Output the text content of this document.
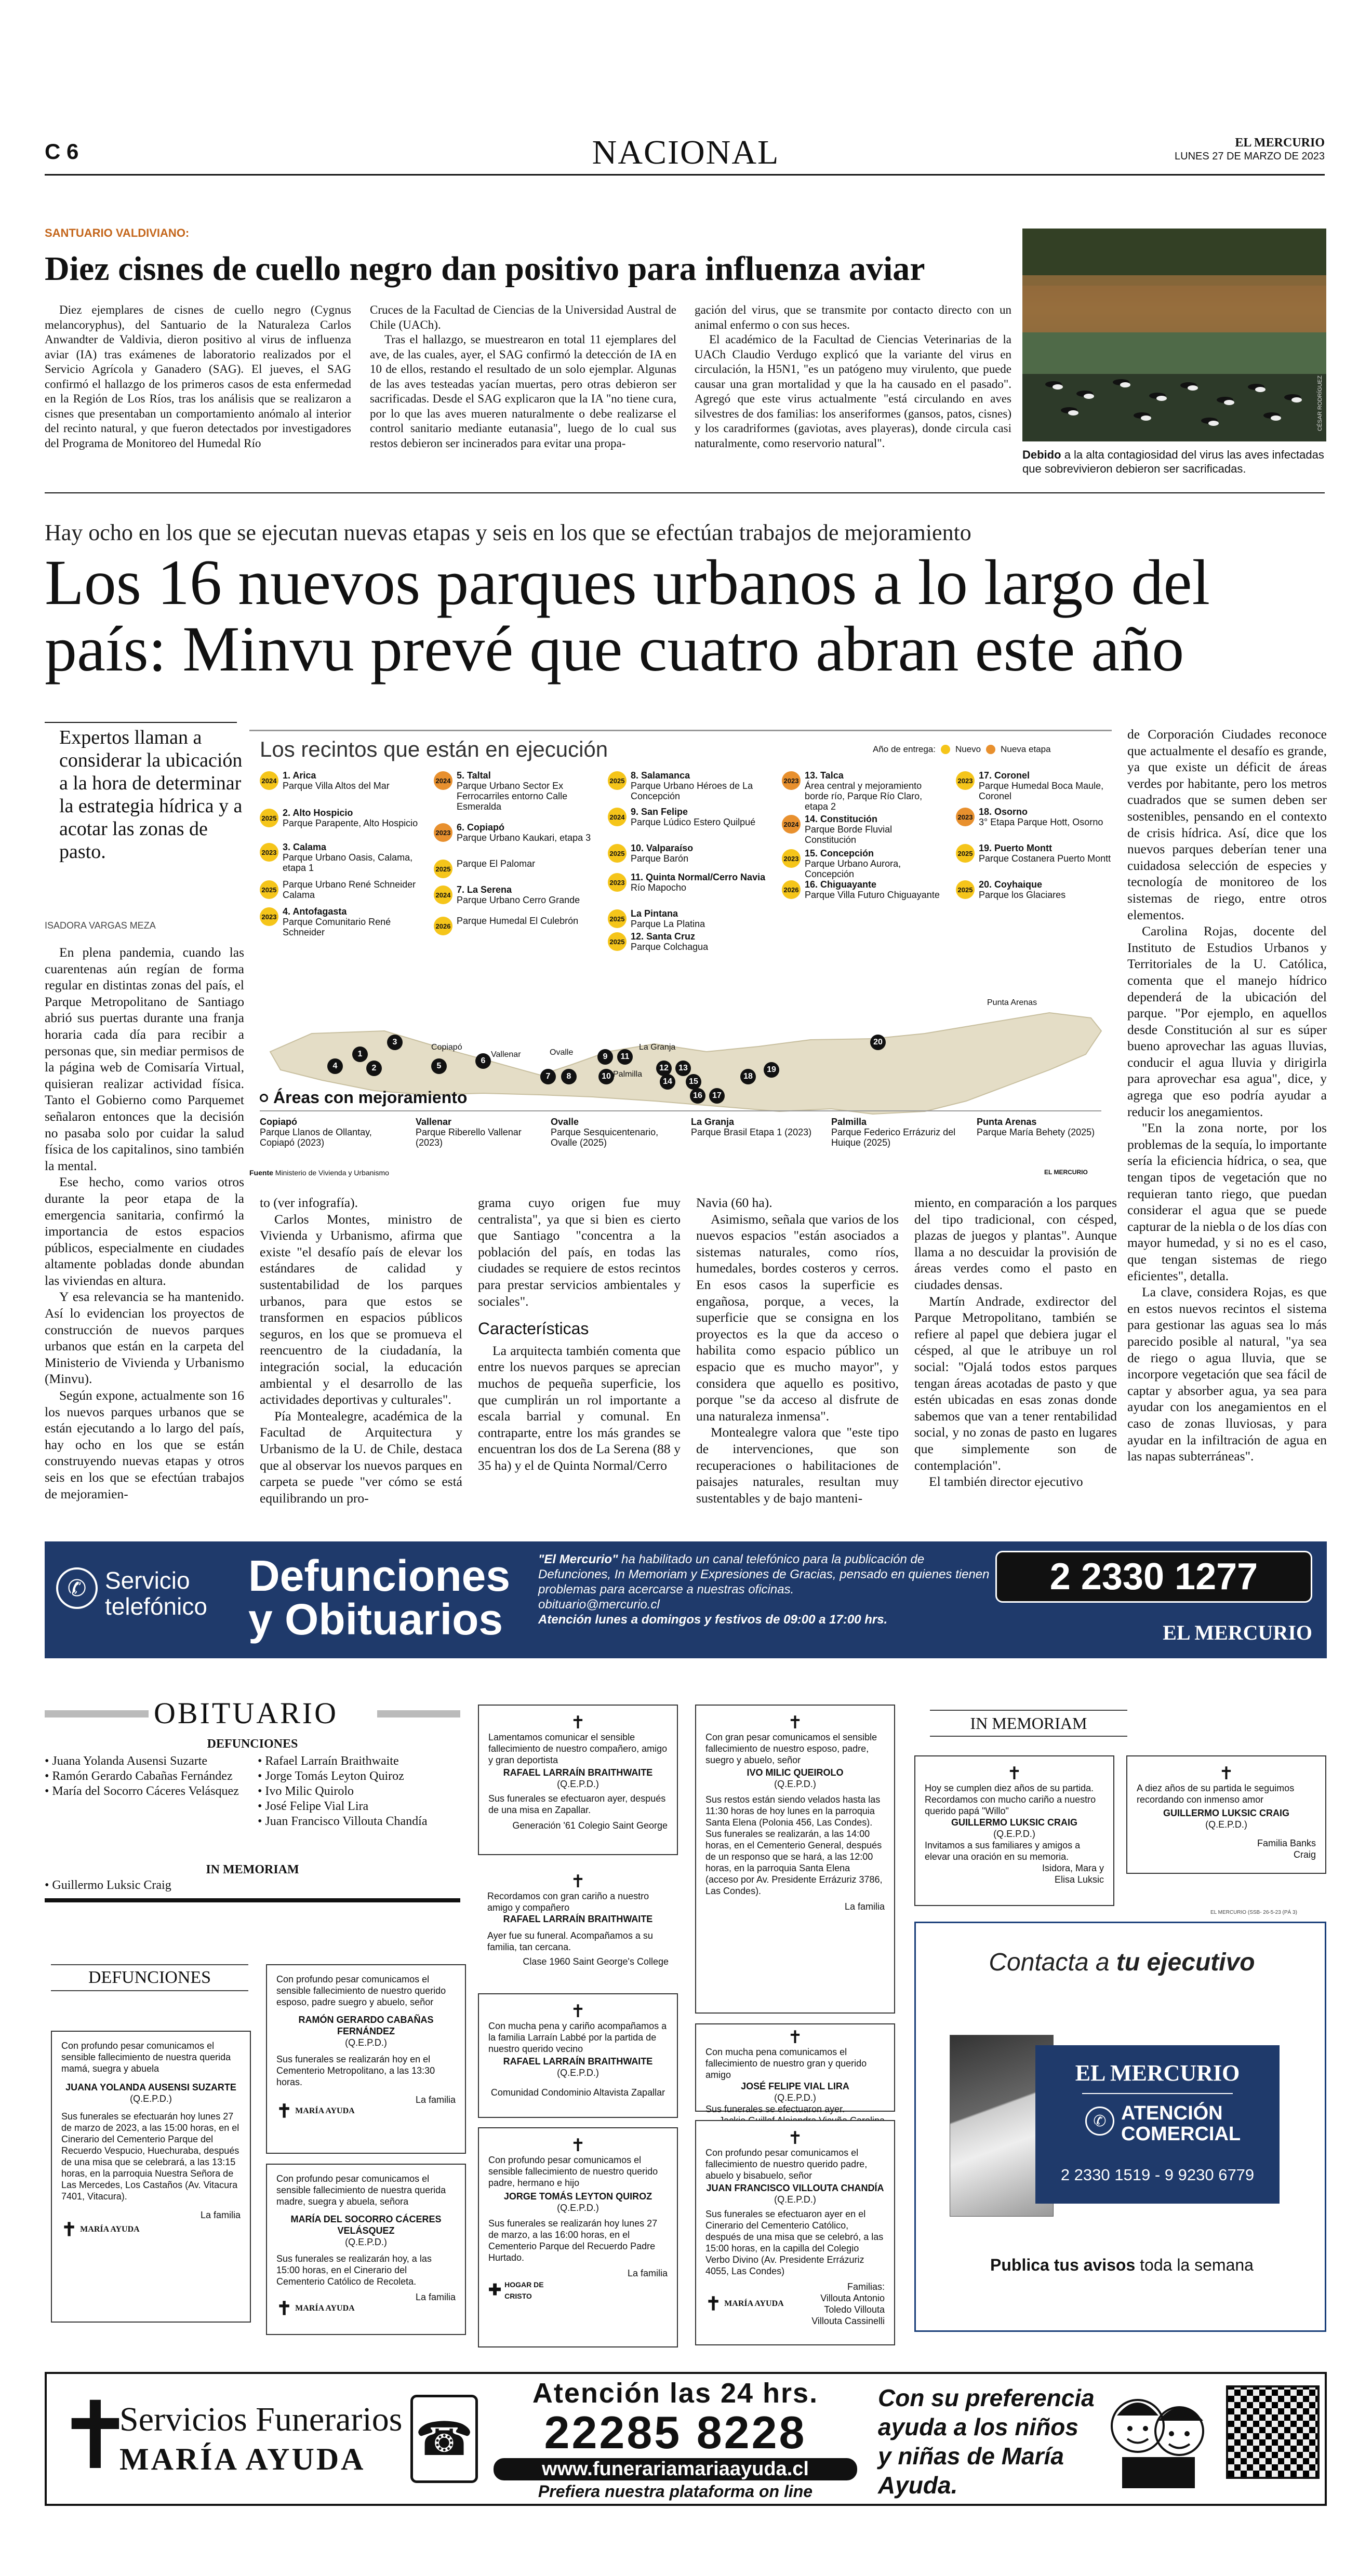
C 6	NACIONAL	EL MERCURIO
LUNES 27 DE MARZO DE 2023
SANTUARIO VALDIVIANO:
Diez cisnes de cuello negro dan positivo para influenza aviar

Diez ejemplares de cisnes de cuello negro (Cygnus melancoryphus), del Santuario de la Naturaleza Carlos Anwandter de Valdivia, dieron positivo al virus de influenza aviar (IA) tras exámenes de laboratorio realizados por el Servicio Agrícola y Ganadero (SAG). El jueves, el SAG confirmó el hallazgo de los primeros casos de esta enfermedad en la Región de Los Ríos, tras los análisis que se realizaron a cisnes que presentaban un comportamiento anómalo al interior del recinto natural, y que fueron detectados por investigadores del Programa de Monitoreo del Humedal Río

Cruces de la Facultad de Ciencias de la Universidad Austral de Chile (UACh).

Tras el hallazgo, se muestrearon en total 11 ejemplares del ave, de las cuales, ayer, el SAG confirmó la detección de IA en 10 de ellos, restando el resultado de un solo ejemplar. Algunas de las aves testeadas yacían muertas, pero otras debieron ser sacrificadas. Desde el SAG explicaron que la IA "no tiene cura, por lo que las aves mueren naturalmente o debe realizarse el control sanitario mediante eutanasia", luego de lo cual sus restos debieron ser incinerados para evitar una propa-

gación del virus, que se transmite por contacto directo con un animal enfermo o con sus heces.

El académico de la Facultad de Ciencias Veterinarias de la UACh Claudio Verdugo explicó que la variante del virus en circulación, la H5N1, "es un patógeno muy virulento, que puede causar una gran mortalidad y que la ha causado en el pasado". Agregó que este virus actualmente "está circulando en aves silvestres de dos familias: los anseriformes (gansos, patos, cisnes) y los caradriformes (gaviotas, aves playeras), donde circula casi naturalmente, como reservorio natural".

CÉSAR RODRÍGUEZ
Debido a la alta contagiosidad del virus las aves infectadas que sobrevivieron debieron ser sacrificadas.
Hay ocho en los que se ejecutan nuevas etapas y seis en los que se efectúan trabajos de mejoramiento
Los 16 nuevos parques urbanos a lo largo del país: Minvu prevé que cuatro abran este año
Expertos llaman a considerar la ubicación a la hora de determinar la estrategia hídrica y a acotar las zonas de pasto.
ISADORA VARGAS MEZA

En plena pandemia, cuando las cuarentenas aún regían de forma regular en distintas zonas del país, el Parque Metropolitano de Santiago abrió sus puertas durante una franja horaria cada día para recibir a personas que, sin mediar permisos de la página web de Comisaría Virtual, quisieran realizar actividad física. Tanto el Gobierno como Parquemet señalaron entonces que la decisión no pasaba solo por cuidar la salud física de los capitalinos, sino también la mental.

Ese hecho, como varios otros durante la peor etapa de la emergencia sanitaria, confirmó la importancia de estos espacios públicos, especialmente en ciudades altamente pobladas donde abundan las viviendas en altura.

Y esa relevancia se ha mantenido. Así lo evidencian los proyectos de construcción de nuevos parques urbanos que están en la carpeta del Ministerio de Vivienda y Urbanismo (Minvu).

Según expone, actualmente son 16 los nuevos parques urbanos que se están ejecutando a lo largo del país, hay ocho en los que se están construyendo nuevas etapas y otros seis en los que se efectúan trabajos de mejoramien-

Los recintos que están en ejecución	Año de entrega: Nuevo Nueva etapa
2024 1. Arica
Parque Villa Altos del Mar
2025 2. Alto Hospicio
Parque Parapente, Alto Hospicio
2023 3. Calama
Parque Urbano Oasis, Calama, etapa 1
2025 Parque Urbano René Schneider Calama
2023 4. Antofagasta
Parque Comunitario René Schneider
2024 5. Taltal
Parque Urbano Sector Ex Ferrocarriles entorno Calle Esmeralda
2023 6. Copiapó
Parque Urbano Kaukari, etapa 3
2025 Parque El Palomar
2024 7. La Serena
Parque Urbano Cerro Grande
2026 Parque Humedal El Culebrón
2025 8. Salamanca
Parque Urbano Héroes de La Concepción
2024 9. San Felipe
Parque Lúdico Estero Quilpué
2025 10. Valparaíso
Parque Barón
2023 11. Quinta Normal/Cerro Navia
Río Mapocho
2025 La Pintana
Parque La Platina
2025 12. Santa Cruz
Parque Colchagua
2023 13. Talca
Área central y mejoramiento borde río, Parque Río Claro, etapa 2
2024 14. Constitución
Parque Borde Fluvial Constitución
2023 15. Concepción
Parque Urbano Aurora, Concepción
2026 16. Chiguayante
Parque Villa Futuro Chiguayante
2023 17. Coronel
Parque Humedal Boca Maule, Coronel
2023 18. Osorno
3° Etapa Parque Hott, Osorno
2025 19. Puerto Montt
Parque Costanera Puerto Montt
2025 20. Coyhaique
Parque los Glaciares
1
2
3
4	5
6
7	8
9
10
11
12	13
14	15
16	17
18
19
20
Copiapó
Vallenar	Ovalle
La Granja
Palmilla
Punta Arenas
Áreas con mejoramiento
Copiapó
Parque Llanos de Ollantay, Copiapó (2023)
Vallenar
Parque Riberello Vallenar (2023)
Ovalle
Parque Sesquicentenario, Ovalle (2025)
La Granja
Parque Brasil Etapa 1 (2023)
Palmilla
Parque Federico Errázuriz del Huique (2025)
Punta Arenas
Parque María Behety (2025)
Fuente Ministerio de Vivienda y Urbanismo	EL MERCURIO

to (ver infografía).

Carlos Montes, ministro de Vivienda y Urbanismo, afirma que existe "el desafío país de elevar los estándares de calidad y sustentabilidad de los parques urbanos, para que estos se transformen en espacios públicos seguros, en los que se promueva el reencuentro de la ciudadanía, la integración social, la educación ambiental y el desarrollo de las actividades deportivas y culturales".

Pía Montealegre, académica de la Facultad de Arquitectura y Urbanismo de la U. de Chile, destaca que al observar los nuevos parques en carpeta se puede "ver cómo se está equilibrando un pro-

grama cuyo origen fue muy centralista", ya que si bien es cierto que Santiago "concentra a la población del país, en todas las ciudades se requiere de estos recintos para prestar servicios ambientales y sociales".

Características

La arquitecta también comenta que entre los nuevos parques se aprecian muchos de pequeña superficie, los que cumplirán un rol importante a escala barrial y comunal. En contraparte, entre los más grandes se encuentran los dos de La Serena (88 y 35 ha) y el de Quinta Normal/Cerro

Navia (60 ha).

Asimismo, señala que varios de los nuevos espacios "están asociados a sistemas naturales, como ríos, humedales, bordes costeros y cerros. En esos casos la superficie es engañosa, porque, a veces, la superficie que se consigna en los proyectos es la que da acceso o habilita como espacio público un espacio que es mucho mayor", y considera que aquello es positivo, porque "se da acceso al disfrute de una naturaleza inmensa".

Montealegre valora que "este tipo de intervenciones, que son recuperaciones o habilitaciones de paisajes naturales, resultan muy sustentables y de bajo manteni-

miento, en comparación a los parques del tipo tradicional, con césped, plazas de juegos y plantas". Aunque llama a no descuidar la provisión de áreas verdes como el pasto en ciudades densas.

Martín Andrade, exdirector del Parque Metropolitano, también se refiere al papel que debiera jugar el césped, al que le atribuye un rol social: "Ojalá todos estos parques tengan áreas acotadas de pasto y que estén ubicadas en esas zonas donde sabemos que van a tener rentabilidad social, y no zonas de pasto en lugares que simplemente son de contemplación".

El también director ejecutivo

de Corporación Ciudades reconoce que actualmente el desafío es grande, ya que existe un déficit de áreas verdes por habitante, pero los metros cuadrados que se sumen deben ser sostenibles, pensando en el contexto de crisis hídrica. Así, dice que los nuevos parques deberían tener una cuidadosa selección de especies y tecnología de monitoreo de los sistemas de riego, entre otros elementos.

Carolina Rojas, docente del Instituto de Estudios Urbanos y Territoriales de la U. Católica, comenta que el manejo hídrico dependerá de la ubicación del parque. "Por ejemplo, en aquellos desde Constitución al sur es súper bueno aprovechar las aguas lluvias, conducir el agua lluvia y dirigirla para aprovechar esa agua", dice, y agrega que eso podría ayudar a reducir los anegamientos.

"En la zona norte, por los problemas de la sequía, lo importante sería la eficiencia hídrica, o sea, que tengan tipos de vegetación que no requieran tanto riego, que puedan considerar el agua que se puede capturar de la niebla o de los días con mayor humedad, y si no es el caso, que tengan sistemas de riego eficientes", detalla.

La clave, considera Rojas, es que en estos nuevos recintos el sistema para gestionar las aguas sea lo más parecido posible al natural, "ya sea de riego o agua lluvia, que se incorpore vegetación que sea fácil de captar y absorber agua, ya sea para ayudar con los anegamientos en el caso de zonas lluviosas, y para ayudar en la infiltración de agua en las napas subterráneas".

✆ Servicio
telefónico
Defunciones
y Obituarios
"El Mercurio" ha habilitado un canal telefónico para la publicación de Defunciones, In Memoriam y Expresiones de Gracias, pensado en quienes tienen problemas para acercarse a nuestras oficinas.
obituario@mercurio.cl
Atención lunes a domingos y festivos de 09:00 a 17:00 hrs.
2 2330 1277
EL MERCURIO
OBITUARIO
DEFUNCIONES
• Juana Yolanda Ausensi Suzarte
• Ramón Gerardo Cabañas Fernández
• María del Socorro Cáceres Velásquez
• Rafael Larraín Braithwaite
• Jorge Tomás Leyton Quiroz
• Ivo Milic Quirolo
• José Felipe Vial Lira
• Juan Francisco Villouta Chandía
IN MEMORIAM
• Guillermo Luksic Craig
DEFUNCIONES
Con profundo pesar comunicamos el sensible fallecimiento de nuestra querida mamá, suegra y abuela
JUANA YOLANDA AUSENSI SUZARTE
(Q.E.P.D.)
Sus funerales se efectuarán hoy lunes 27 de marzo de 2023, a las 15:00 horas, en el Cinerario del Cementerio Parque del Recuerdo Vespucio, Huechuraba, después de una misa que se celebrará, a las 13:15 horas, en la parroquia Nuestra Señora de Las Mercedes, Los Castaños (Av. Vitacura 7401, Vitacura).
La familia
✝ MARÍA AYUDA
Con profundo pesar comunicamos el sensible fallecimiento de nuestro querido esposo, padre suegro y abuelo, señor
RAMÓN GERARDO CABAÑAS FERNÁNDEZ
(Q.E.P.D.)
Sus funerales se realizarán hoy en el Cementerio Metropolitano, a las 13:30 horas.
La familia
✝ MARÍA AYUDA
Con profundo pesar comunicamos el sensible fallecimiento de nuestra querida madre, suegra y abuela, señora
MARÍA DEL SOCORRO CÁCERES VELÁSQUEZ
(Q.E.P.D.)
Sus funerales se realizarán hoy, a las 15:00 horas, en el Cinerario del Cementerio Católico de Recoleta.
La familia
✝ MARÍA AYUDA
✝
Lamentamos comunicar el sensible fallecimiento de nuestro compañero, amigo y gran deportista
RAFAEL LARRAÍN BRAITHWAITE
(Q.E.P.D.)
Sus funerales se efectuaron ayer, después de una misa en Zapallar.
Generación '61 Colegio Saint George
✝
Recordamos con gran cariño a nuestro amigo y compañero
RAFAEL LARRAÍN BRAITHWAITE
Ayer fue su funeral. Acompañamos a su familia, tan cercana.
Clase 1960 Saint George's College
✝
Con mucha pena y cariño acompañamos a la familia Larraín Labbé por la partida de nuestro querido vecino
RAFAEL LARRAÍN BRAITHWAITE
(Q.E.P.D.)
Comunidad Condominio Altavista Zapallar
✝
Con profundo pesar comunicamos el sensible fallecimiento de nuestro querido padre, hermano e hijo
JORGE TOMÁS LEYTON QUIROZ
(Q.E.P.D.)
Sus funerales se realizarán hoy lunes 27 de marzo, a las 16:00 horas, en el Cementerio Parque del Recuerdo Padre Hurtado.
La familia
✚ HOGAR DE CRISTO
✝
Con gran pesar comunicamos el sensible fallecimiento de nuestro esposo, padre, suegro y abuelo, señor
IVO MILIC QUEIROLO
(Q.E.P.D.)
Sus restos están siendo velados hasta las 11:30 horas de hoy lunes en la parroquia Santa Elena (Polonia 456, Las Condes). Sus funerales se realizarán, a las 14:00 horas, en el Cementerio General, después de un responso que se hará, a las 12:00 horas, en la parroquia Santa Elena (acceso por Av. Presidente Errázuriz 3786, Las Condes).
La familia
✝
Con mucha pena comunicamos el fallecimiento de nuestro gran y querido amigo
JOSÉ FELIPE VIAL LIRA
(Q.E.P.D.)
Sus funerales se efectuaron ayer.
✝
Con profundo pesar comunicamos el fallecimiento de nuestro querido padre, abuelo y bisabuelo, señor
JUAN FRANCISCO VILLOUTA CHANDÍA
(Q.E.P.D.)
Sus funerales se efectuaron ayer en el Cinerario del Cementerio Católico, después de una misa que se celebró, a las 15:00 horas, en la capilla del Colegio Verbo Divino (Av. Presidente Errázuriz 4055, Las Condes)
✝ MARÍA AYUDA
Familias:
Villouta Antonio Toledo Villouta Villouta Cassinelli
IN MEMORIAM
✝
Hoy se cumplen diez años de su partida. Recordamos con mucho cariño a nuestro querido papá "Willo"
GUILLERMO LUKSIC CRAIG
(Q.E.P.D.)
Invitamos a sus familiares y amigos a elevar una oración en su memoria.
Isidora, Mara y Elisa Luksic
✝
A diez años de su partida le seguimos recordando con inmenso amor
GUILLERMO LUKSIC CRAIG
(Q.E.P.D.)
Familia Banks Craig
EL MERCURIO (SSB- 26-5-23 (PÁ 3)
Contacta a tu ejecutivo
EL MERCURIO
✆ ATENCIÓN
COMERCIAL
2 2330 1519 - 9 9230 6779
Publica tus avisos toda la semana
✝
Servicios Funerarios
MARÍA AYUDA ☎
Atención las 24 hrs.
22285 8228
www.funerariamariaayuda.cl
Prefiera nuestra plataforma on line
Con su preferencia ayuda a los niños y niñas de María Ayuda.
